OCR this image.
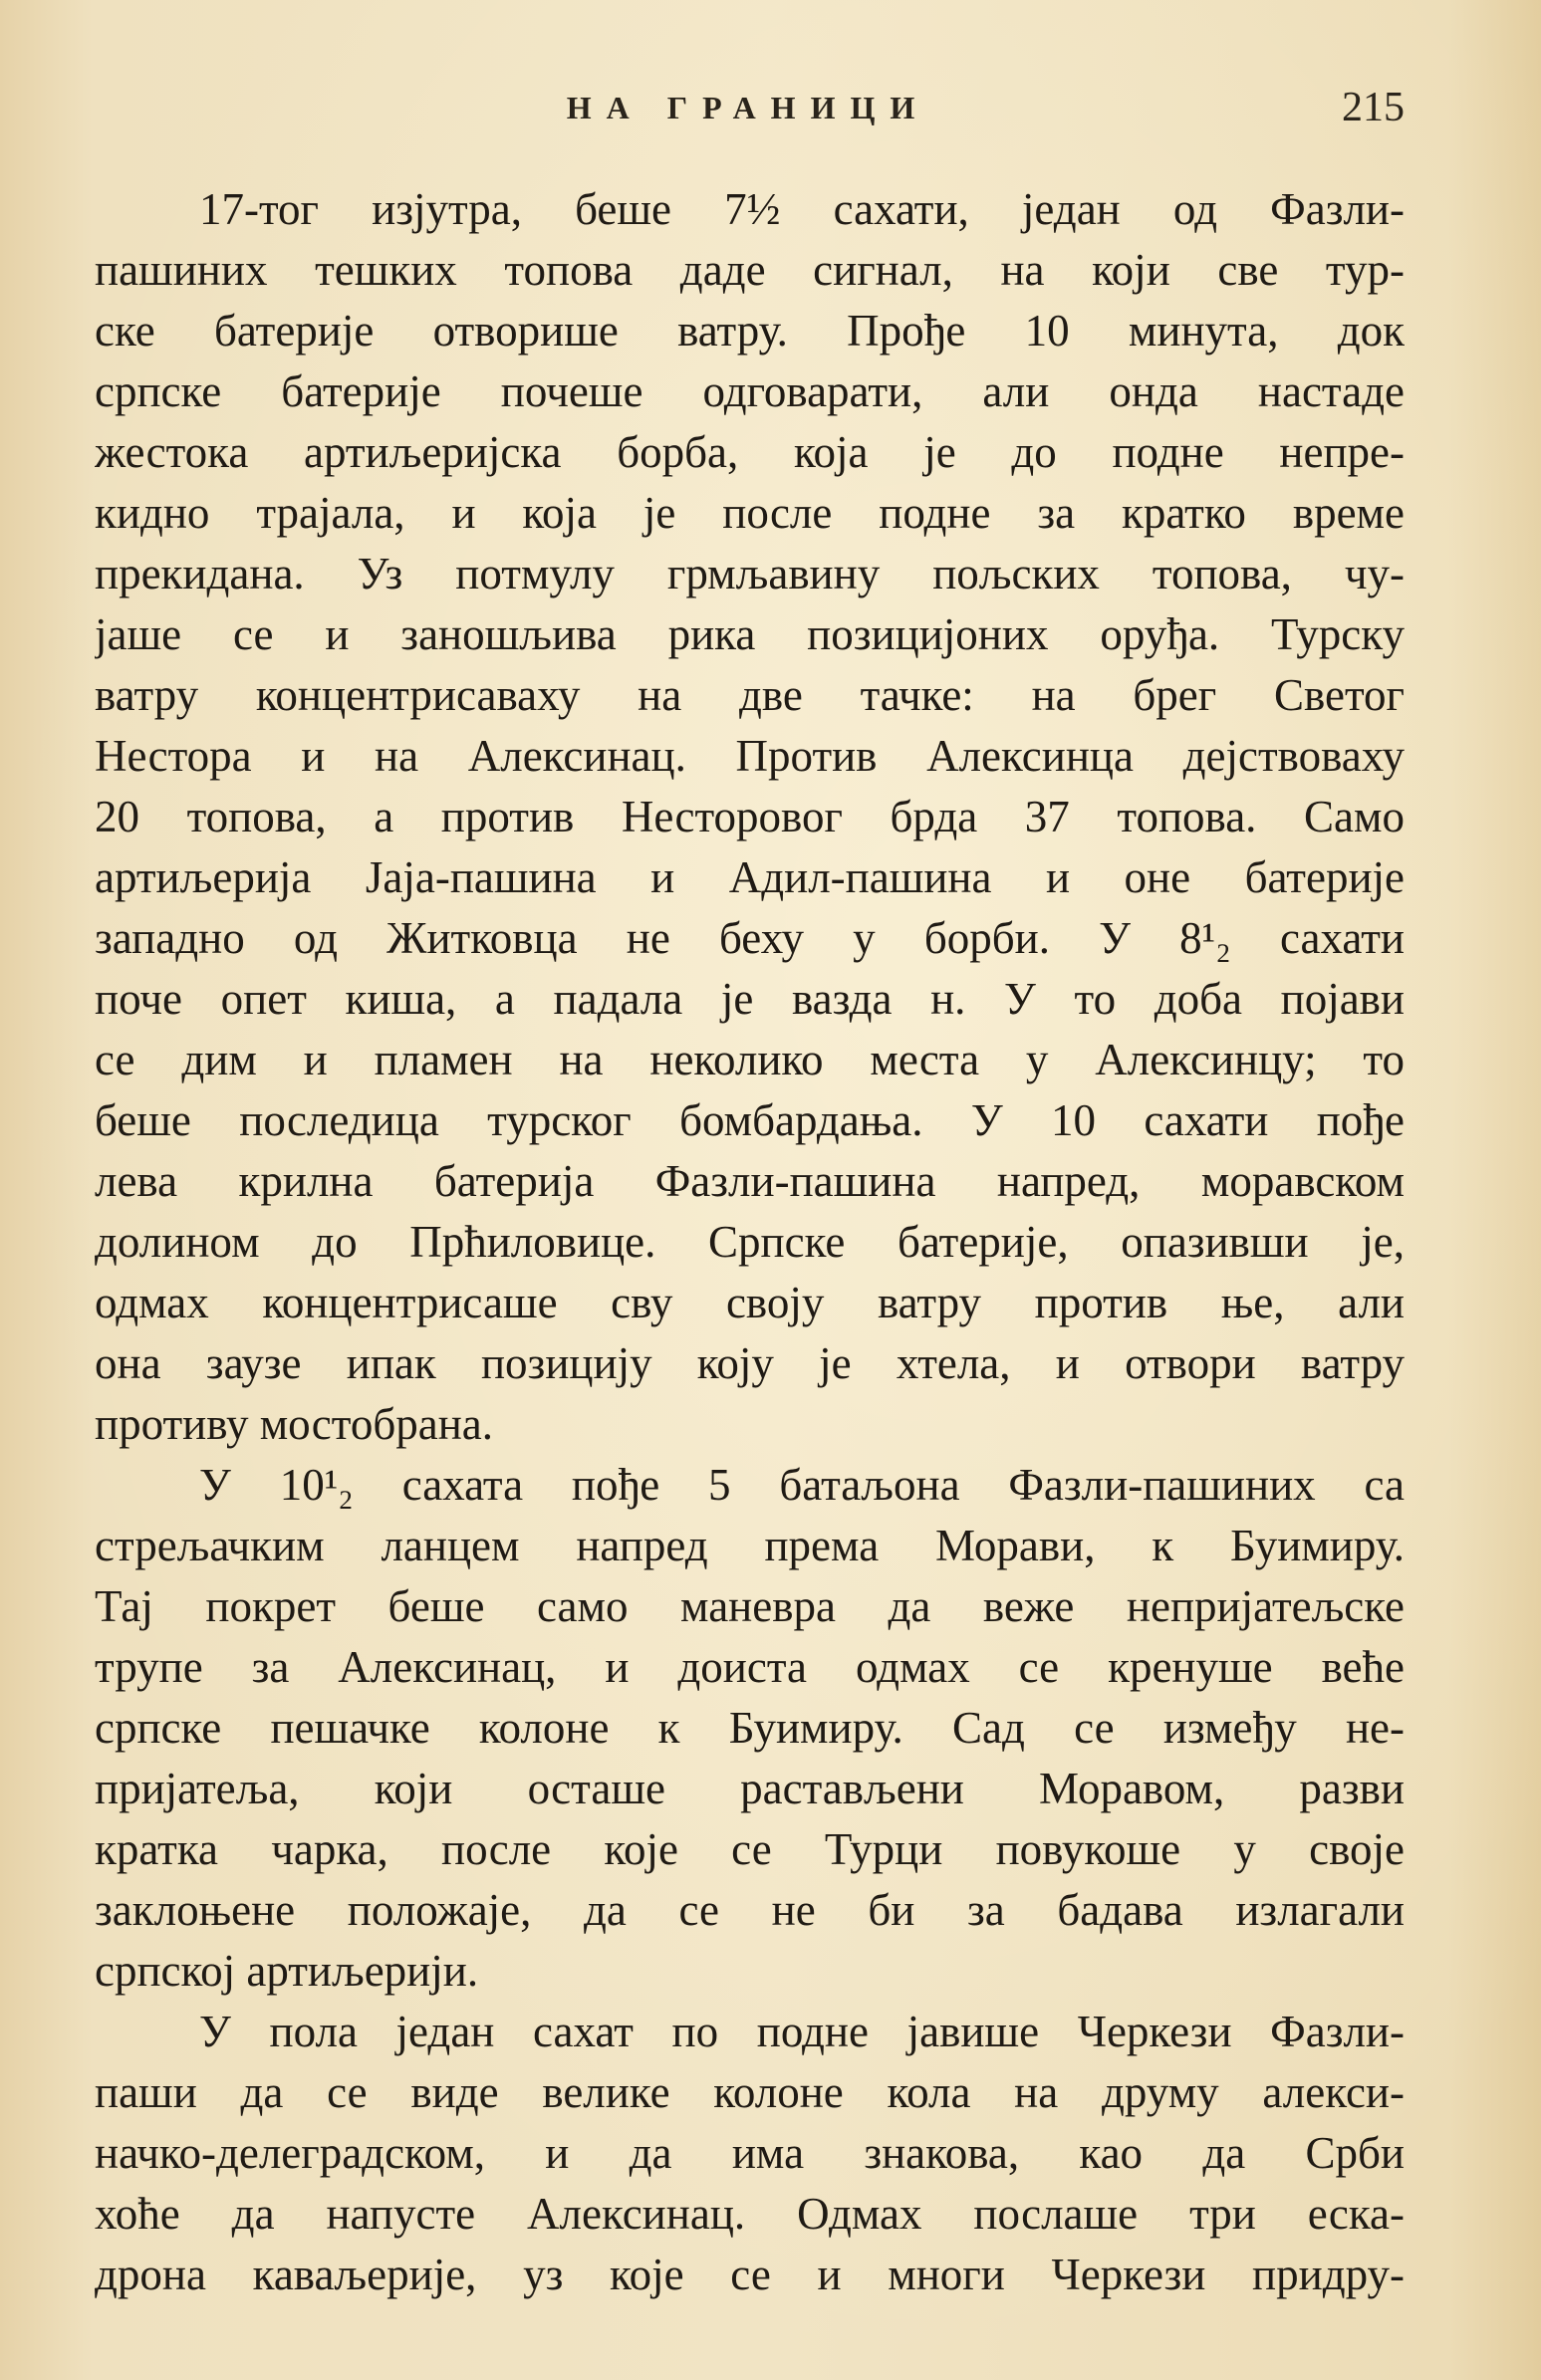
НА ГРАНИЦИ	215
17-тог изјутра, беше 7½ сахати, један од Фазли-
пашиних тешких топова даде сигнал, на који све тур-
ске батерије отворише ватру. Прође 10 минута, док
српске батерије почеше одговарати, али онда настаде
жестока артиљеријска борба, која је до подне непре-
кидно трајала, и која је после подне за кратко време
прекидана. Уз потмулу грмљавину пољских топова, чу-
јаше се и заношљива рика позицијоних оруђа. Турску
ватру концентрисаваху на две тачке: на брег Светог
Нестора и на Алексинац. Против Алексинца дејствоваху
20 топова, а против Несторовог брда 37 топова. Само
артиљерија Јаја-пашина и Адил-пашина и оне батерије
западно од Житковца не беху у борби. У 8¹₂ сахати
поче опет киша, а падала је вазда н. У то доба појави
се дим и пламен на неколико места у Алексинцу; то
беше последица турског бомбардања. У 10 сахати пође
лева крилна батерија Фазли-пашина напред, моравском
долином до Прћиловице. Српске батерије, опазивши је,
одмах концентрисаше сву своју ватру против ње, али
она заузе ипак позицију коју је хтела, и отвори ватру
противу мостобрана.
У 10¹₂ сахата пође 5 батаљона Фазли-пашиних са
стрељачким ланцем напред према Морави, к Буимиру.
Тај покрет беше само маневра да веже непријатељске
трупе за Алексинац, и доиста одмах се кренуше веће
српске пешачке колоне к Буимиру. Сад се између не-
пријатеља, који осташе растављени Моравом, разви
кратка чарка, после које се Турци повукоше у своје
заклоњене положаје, да се не би за бадава излагали
српској артиљерији.
У пола један сахат по подне јавише Черкези Фазли-
паши да се виде велике колоне кола на друму алекси-
начко-делеградском, и да има знакова, као да Срби
хоће да напусте Алексинац. Одмах послаше три еска-
дрона каваљерије, уз које се и многи Черкези придру-
